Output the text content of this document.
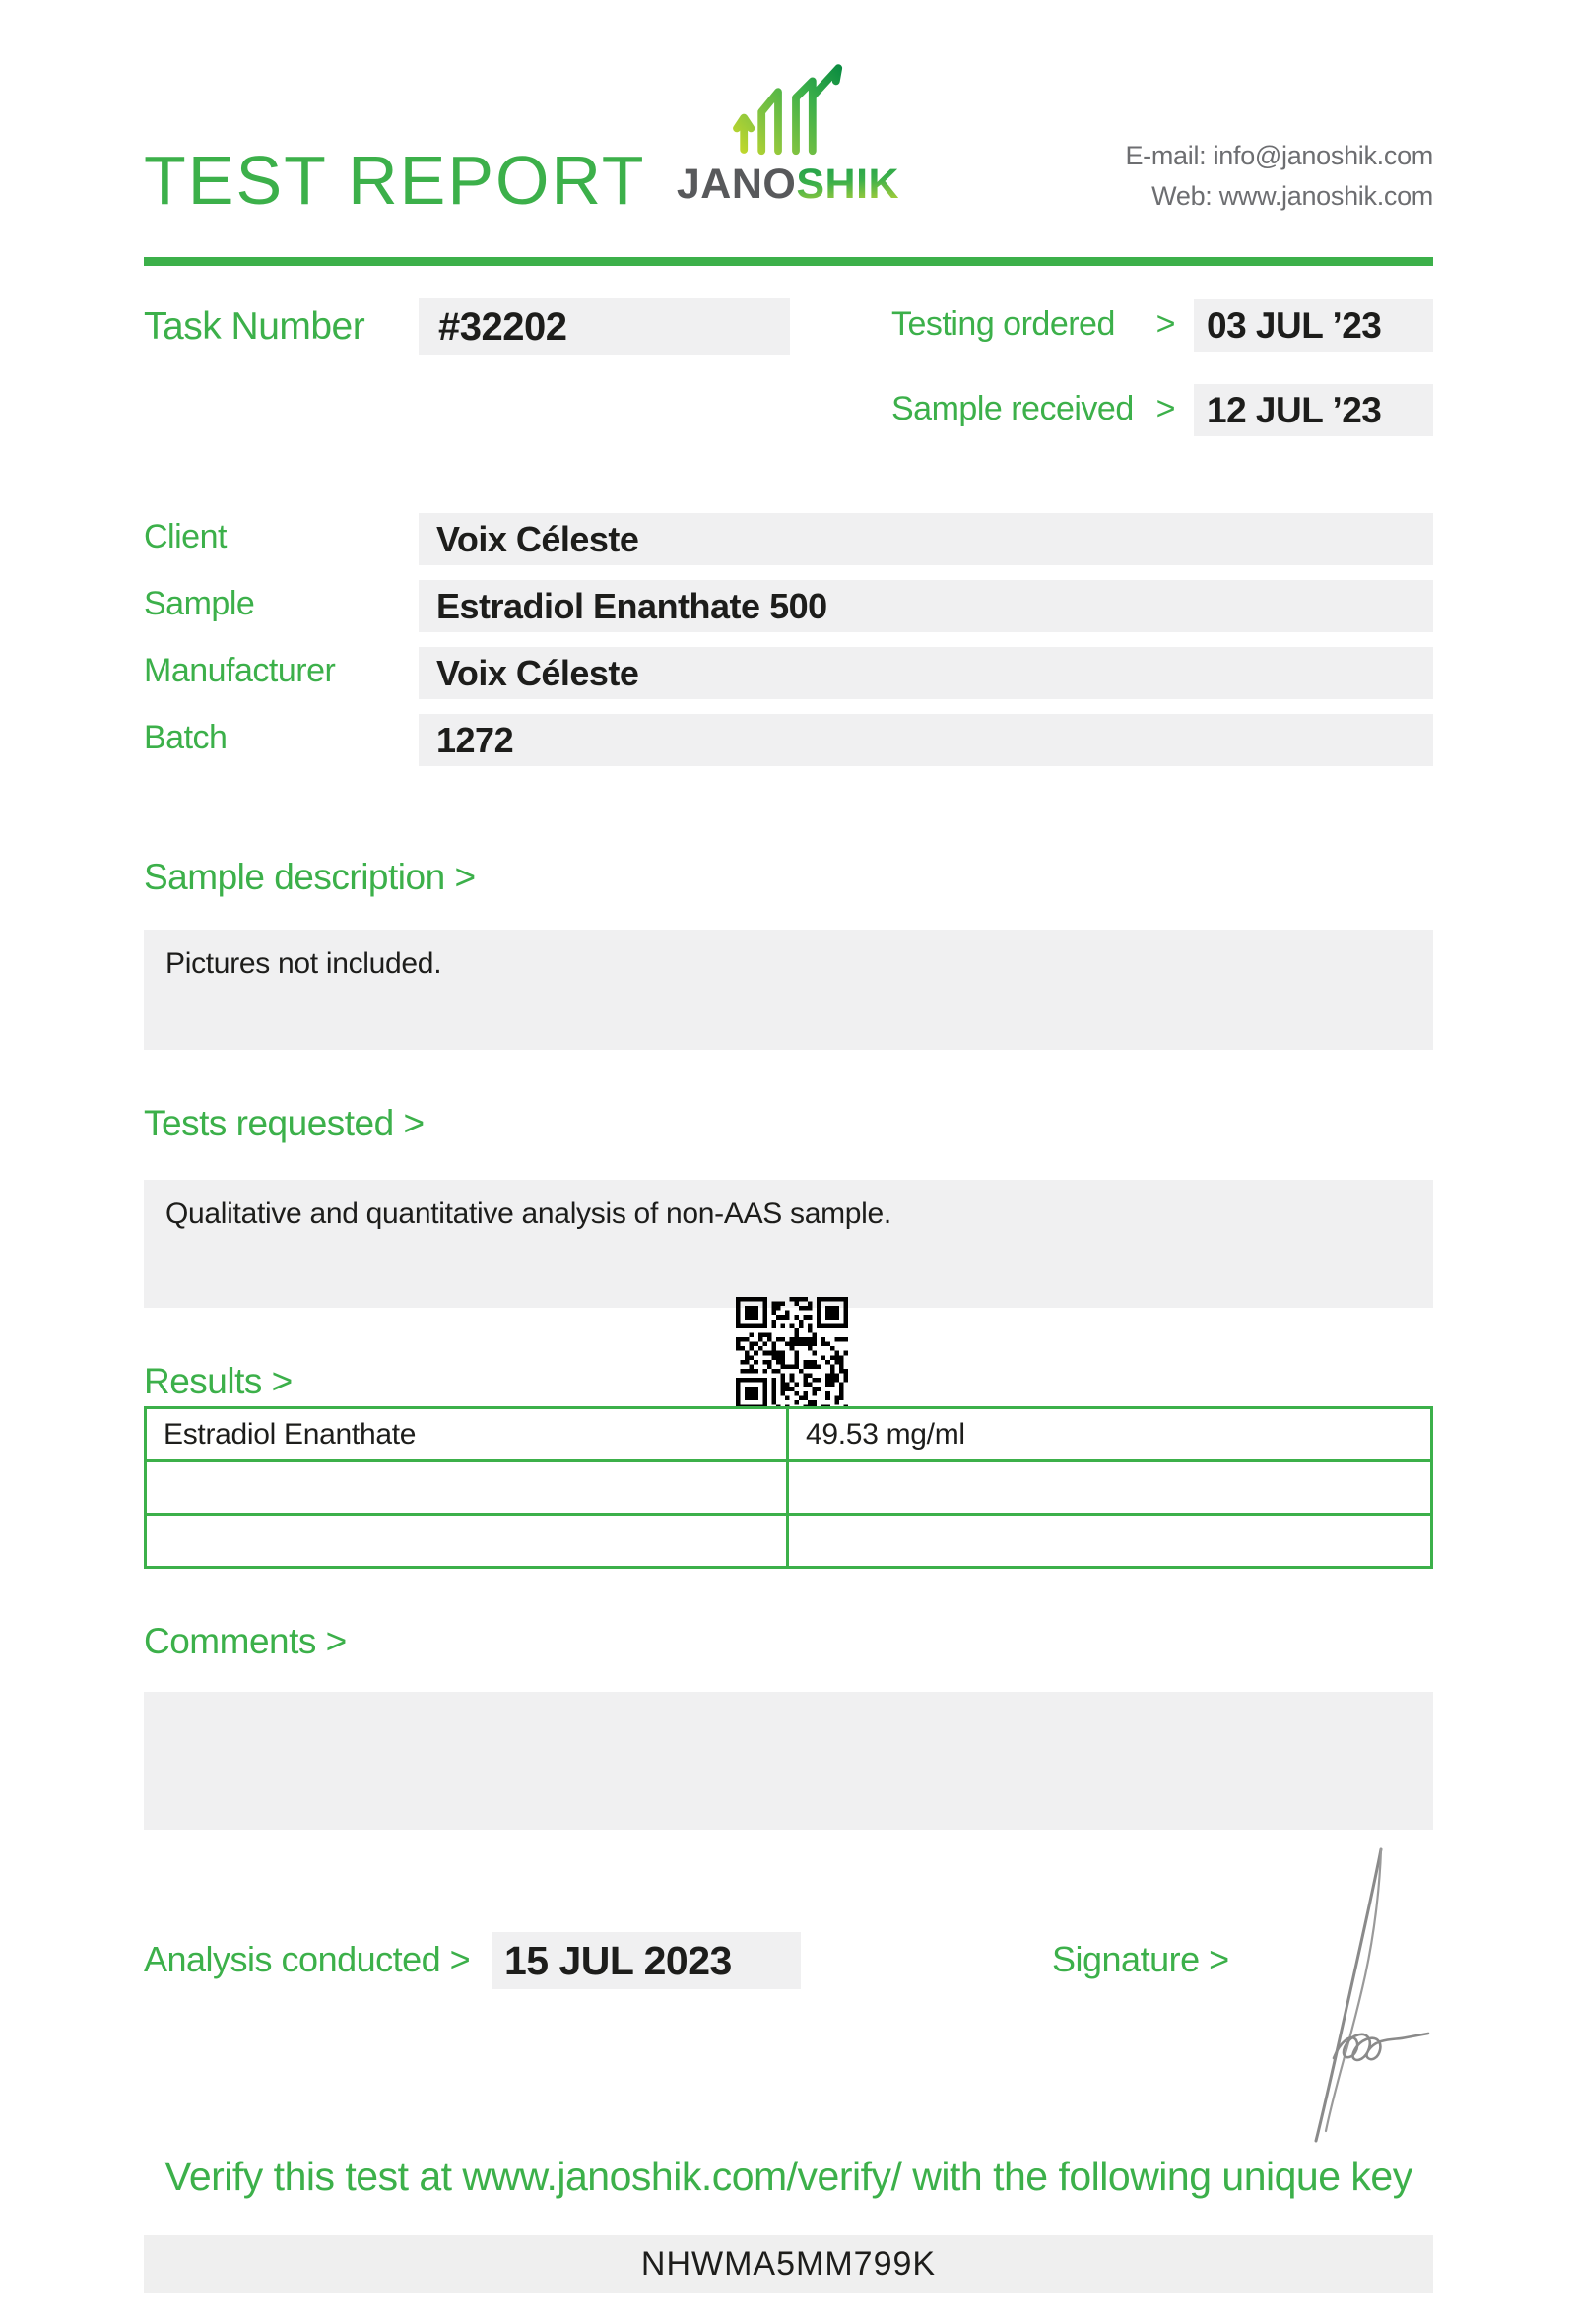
TEST REPORT JANOSHIK
E-mail: info@janoshik.com
Web: www.janoshik.com
Task Number	#32202	Testing ordered > 03 JUL ’23
Sample received > 12 JUL ’23
Client	Voix Céleste
Sample	Estradiol Enanthate 500
Manufacturer	Voix Céleste
Batch	1272
Sample description >
Pictures not included.
Tests requested >
Qualitative and quantitative analysis of non-AAS sample.
Results >
Estradiol Enanthate	49.53 mg/ml

Comments >
Analysis conducted > 15 JUL 2023	Signature >
Verify this test at www.janoshik.com/verify/ with the following unique key
NHWMA5MM799K
